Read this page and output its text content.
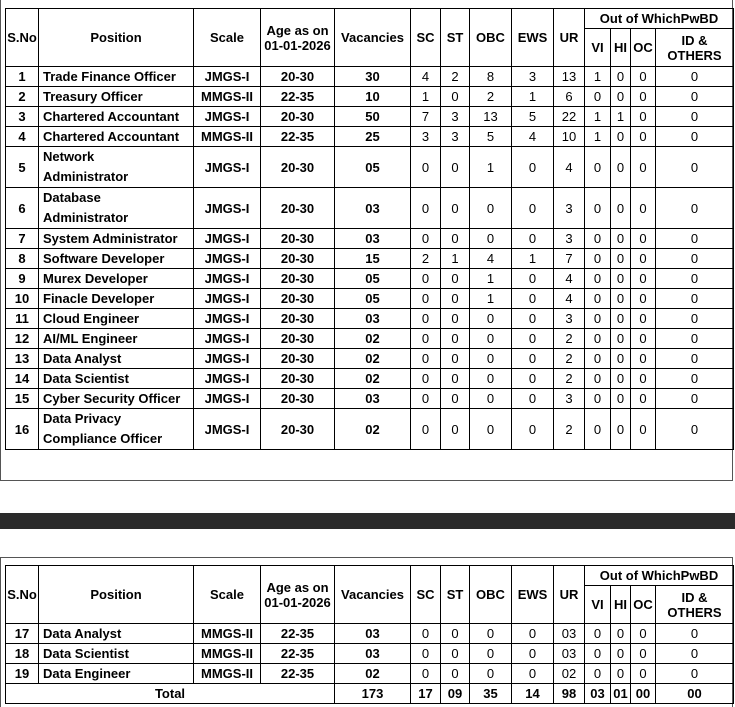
S.No	Position	Scale	Age as on
01-01-2026	Vacancies	SC	ST	OBC	EWS	UR	Out of WhichPwBD			
										VI	HI	OC	ID &
OTHERS

1	Trade Finance Officer	JMGS-I	20-30	30	4	2	8	3	13	1	0	0	0
2	Treasury Officer	MMGS-II	22-35	10	1	0	2	1	6	0	0	0	0
3	Chartered Accountant	JMGS-I	20-30	50	7	3	13	5	22	1	1	0	0
4	Chartered Accountant	MMGS-II	22-35	25	3	3	5	4	10	1	0	0	0
5	Network
Administrator	JMGS-I	20-30	05	0	0	1	0	4	0	0	0	0
6	Database
Administrator	JMGS-I	20-30	03	0	0	0	0	3	0	0	0	0
7	System Administrator	JMGS-I	20-30	03	0	0	0	0	3	0	0	0	0
8	Software Developer	JMGS-I	20-30	15	2	1	4	1	7	0	0	0	0
9	Murex Developer	JMGS-I	20-30	05	0	0	1	0	4	0	0	0	0
10	Finacle Developer	JMGS-I	20-30	05	0	0	1	0	4	0	0	0	0
11	Cloud Engineer	JMGS-I	20-30	03	0	0	0	0	3	0	0	0	0
12	AI/ML Engineer	JMGS-I	20-30	02	0	0	0	0	2	0	0	0	0
13	Data Analyst	JMGS-I	20-30	02	0	0	0	0	2	0	0	0	0
14	Data Scientist	JMGS-I	20-30	02	0	0	0	0	2	0	0	0	0
15	Cyber Security Officer	JMGS-I	20-30	03	0	0	0	0	3	0	0	0	0
16	Data Privacy
Compliance Officer	JMGS-I	20-30	02	0	0	0	0	2	0	0	0	0
S.No	Position	Scale	Age as on
01-01-2026	Vacancies	SC	ST	OBC	EWS	UR	Out of WhichPwBD			
										VI	HI	OC	ID &
OTHERS

17	Data Analyst	MMGS-II	22-35	03	0	0	0	0	03	0	0	0	0
18	Data Scientist	MMGS-II	22-35	03	0	0	0	0	03	0	0	0	0
19	Data Engineer	MMGS-II	22-35	02	0	0	0	0	02	0	0	0	0
Total				173	17	09	35	14	98	03	01	00	00
